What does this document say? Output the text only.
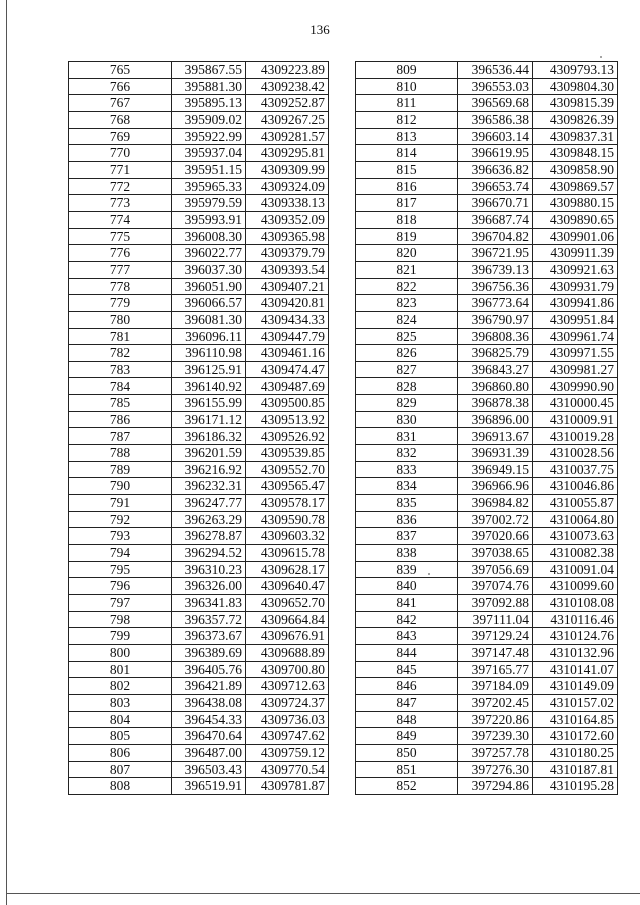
136
765	395867.55	4309223.89
766	395881.30	4309238.42
767	395895.13	4309252.87
768	395909.02	4309267.25
769	395922.99	4309281.57
770	395937.04	4309295.81
771	395951.15	4309309.99
772	395965.33	4309324.09
773	395979.59	4309338.13
774	395993.91	4309352.09
775	396008.30	4309365.98
776	396022.77	4309379.79
777	396037.30	4309393.54
778	396051.90	4309407.21
779	396066.57	4309420.81
780	396081.30	4309434.33
781	396096.11	4309447.79
782	396110.98	4309461.16
783	396125.91	4309474.47
784	396140.92	4309487.69
785	396155.99	4309500.85
786	396171.12	4309513.92
787	396186.32	4309526.92
788	396201.59	4309539.85
789	396216.92	4309552.70
790	396232.31	4309565.47
791	396247.77	4309578.17
792	396263.29	4309590.78
793	396278.87	4309603.32
794	396294.52	4309615.78
795	396310.23	4309628.17
796	396326.00	4309640.47
797	396341.83	4309652.70
798	396357.72	4309664.84
799	396373.67	4309676.91
800	396389.69	4309688.89
801	396405.76	4309700.80
802	396421.89	4309712.63
803	396438.08	4309724.37
804	396454.33	4309736.03
805	396470.64	4309747.62
806	396487.00	4309759.12
807	396503.43	4309770.54
808	396519.91	4309781.87
809	396536.44	4309793.13
810	396553.03	4309804.30
811	396569.68	4309815.39
812	396586.38	4309826.39
813	396603.14	4309837.31
814	396619.95	4309848.15
815	396636.82	4309858.90
816	396653.74	4309869.57
817	396670.71	4309880.15
818	396687.74	4309890.65
819	396704.82	4309901.06
820	396721.95	4309911.39
821	396739.13	4309921.63
822	396756.36	4309931.79
823	396773.64	4309941.86
824	396790.97	4309951.84
825	396808.36	4309961.74
826	396825.79	4309971.55
827	396843.27	4309981.27
828	396860.80	4309990.90
829	396878.38	4310000.45
830	396896.00	4310009.91
831	396913.67	4310019.28
832	396931.39	4310028.56
833	396949.15	4310037.75
834	396966.96	4310046.86
835	396984.82	4310055.87
836	397002.72	4310064.80
837	397020.66	4310073.63
838	397038.65	4310082.38
839	397056.69	4310091.04
840	397074.76	4310099.60
841	397092.88	4310108.08
842	397111.04	4310116.46
843	397129.24	4310124.76
844	397147.48	4310132.96
845	397165.77	4310141.07
846	397184.09	4310149.09
847	397202.45	4310157.02
848	397220.86	4310164.85
849	397239.30	4310172.60
850	397257.78	4310180.25
851	397276.30	4310187.81
852	397294.86	4310195.28
